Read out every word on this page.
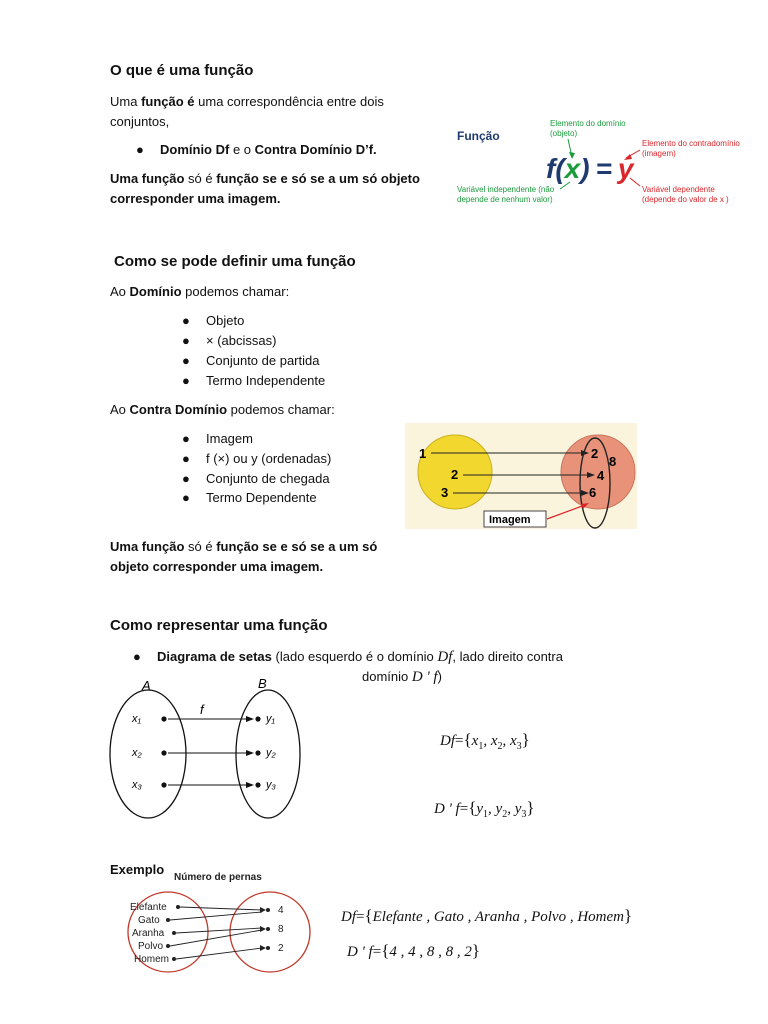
O que é uma função
Uma função é uma correspondência entre dois
conjuntos,
● Domínio Df e o Contra Domínio D’f.
Uma função só é função se e só se a um só objeto
corresponder uma imagem.
Função
Elemento do domínio
(objeto)
Elemento do contradomínio
(imagem)
f(x) = y
Variável independente (não
depende de nenhum valor)
Variável dependente
(depende do valor de x )
Como se pode definir uma função
Ao Domínio podemos chamar:
● Objeto
● × (abcissas)
● Conjunto de partida
● Termo Independente
Ao Contra Domínio podemos chamar:
● Imagem
● f (×) ou y (ordenadas)
● Conjunto de chegada
● Termo Dependente
1
2
3
2
4
6
8
Imagem
Uma função só é função se e só se a um só
objeto corresponder uma imagem.
Como representar uma função
● Diagrama de setas (lado esquerdo é o domínio Df, lado direito contra
domínio D ' f)
A	B
f
x₁
x₂
x₃
y₁
y₂
y₃
$Df=\{x_1$, $x_2$, $x_3$}
D ' $f=\{y_1$, $y_2$, $y_3$}
Exemplo
Número de pernas
Elefante
Gato
Aranha
Polvo
Homem
4
8
2
Df={Elefante , Gato , Aranha , Polvo , Homem}
D ' f={4 , 4 , 8 , 8 , 2}
